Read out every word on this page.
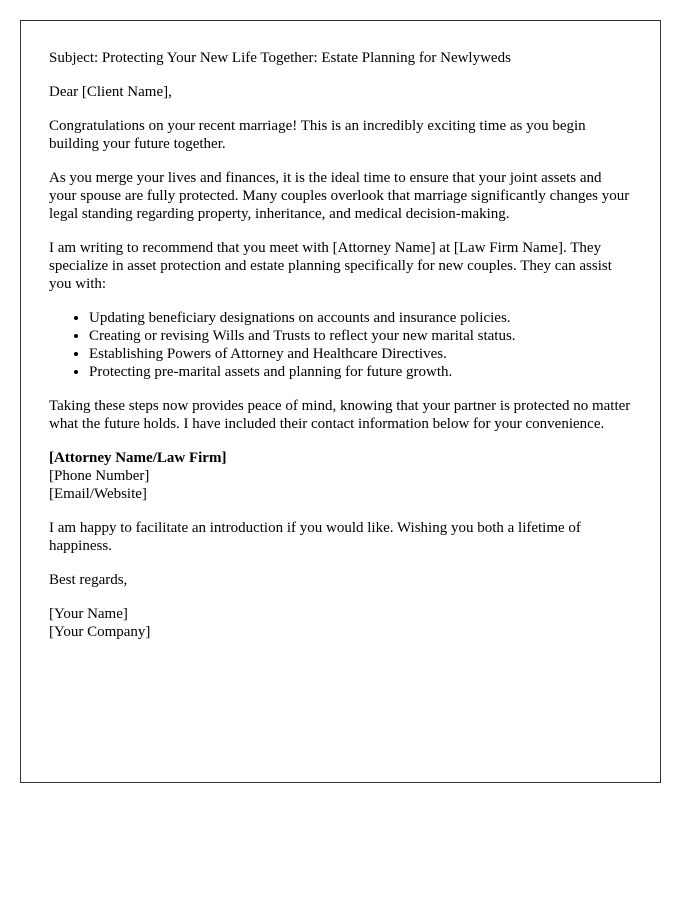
Subject: Protecting Your New Life Together: Estate Planning for Newlyweds

Dear [Client Name],

Congratulations on your recent marriage! This is an incredibly exciting time as you begin building your future together.

As you merge your lives and finances, it is the ideal time to ensure that your joint assets and your spouse are fully protected. Many couples overlook that marriage significantly changes your legal standing regarding property, inheritance, and medical decision-making.

I am writing to recommend that you meet with [Attorney Name] at [Law Firm Name]. They specialize in asset protection and estate planning specifically for new couples. They can assist you with:

• Updating beneficiary designations on accounts and insurance policies.
• Creating or revising Wills and Trusts to reflect your new marital status.
• Establishing Powers of Attorney and Healthcare Directives.
• Protecting pre-marital assets and planning for future growth.

Taking these steps now provides peace of mind, knowing that your partner is protected no matter what the future holds. I have included their contact information below for your convenience.

[Attorney Name/Law Firm]
[Phone Number]
[Email/Website]

I am happy to facilitate an introduction if you would like. Wishing you both a lifetime of happiness.

Best regards,

[Your Name]
[Your Company]
